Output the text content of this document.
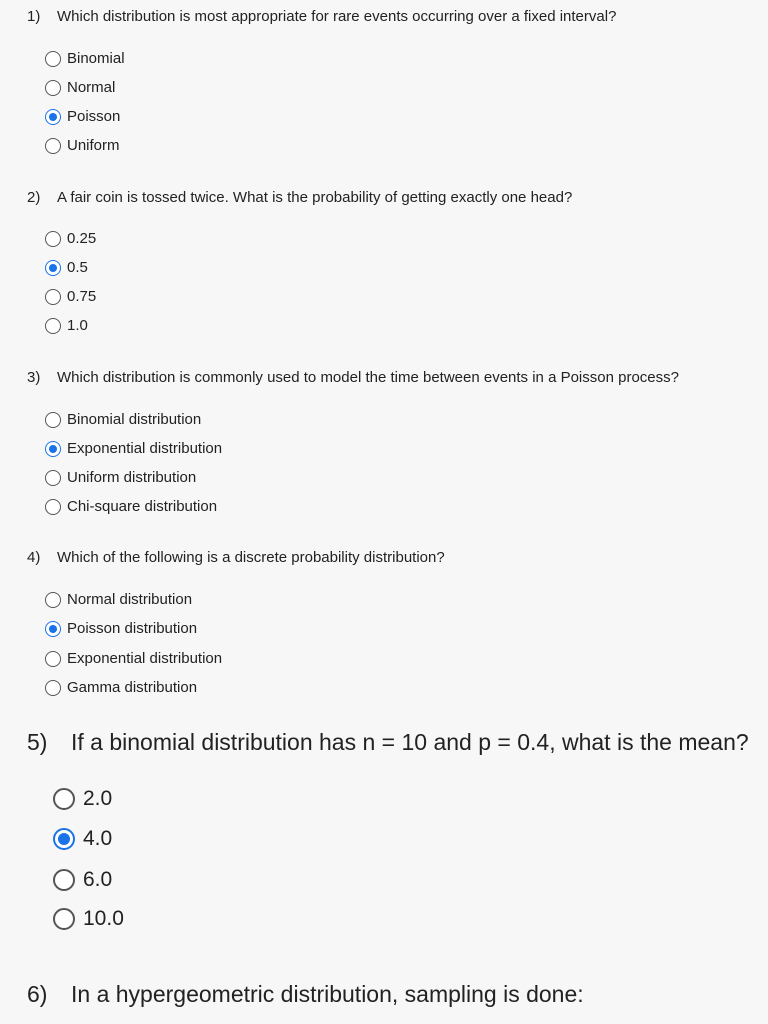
1)	Which distribution is most appropriate for rare events occurring over a fixed interval?
Binomial
Normal
Poisson
Uniform
2)	A fair coin is tossed twice. What is the probability of getting exactly one head?
0.25
0.5
0.75
1.0
3)	Which distribution is commonly used to model the time between events in a Poisson process?
Binomial distribution
Exponential distribution
Uniform distribution
Chi-square distribution
4)	Which of the following is a discrete probability distribution?
Normal distribution
Poisson distribution
Exponential distribution
Gamma distribution
5)	If a binomial distribution has n = 10 and p = 0.4, what is the mean?
2.0
4.0
6.0
10.0
6)	In a hypergeometric distribution, sampling is done:
